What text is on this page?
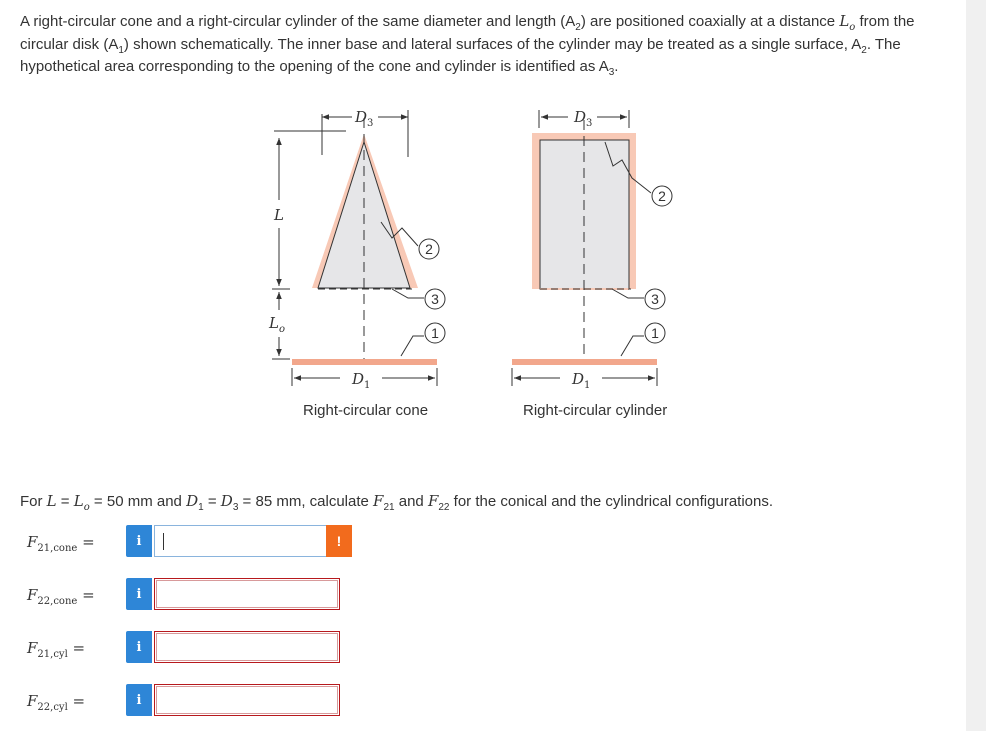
A right-circular cone and a right-circular cylinder of the same diameter and length $(A_2)$ are positioned coaxially at a distance $L_o$ from the circular disk $(A_1)$ shown schematically. The inner base and lateral surfaces of the cylinder may be treated as a single surface, $A_2$. The hypothetical area corresponding to the opening of the cone and cylinder is identified as $A_3$.
$D_3$
L
$L_o$
$D_1$
2
3
1
$D_3$
$D_1$
2
3
1
Right-circular cone	Right-circular cylinder
For $L = L_o = 50$ mm and $D_1 = D_3 = 85$ mm, calculate $F_{21}$ and $F_{22}$ for the conical and the cylindrical configurations.
$F_{21,cone}$ =	i	!
$F_{22,cone}$ =	i
$F_{21,cyl}$ =	i
$F_{22,cyl}$ =	i
